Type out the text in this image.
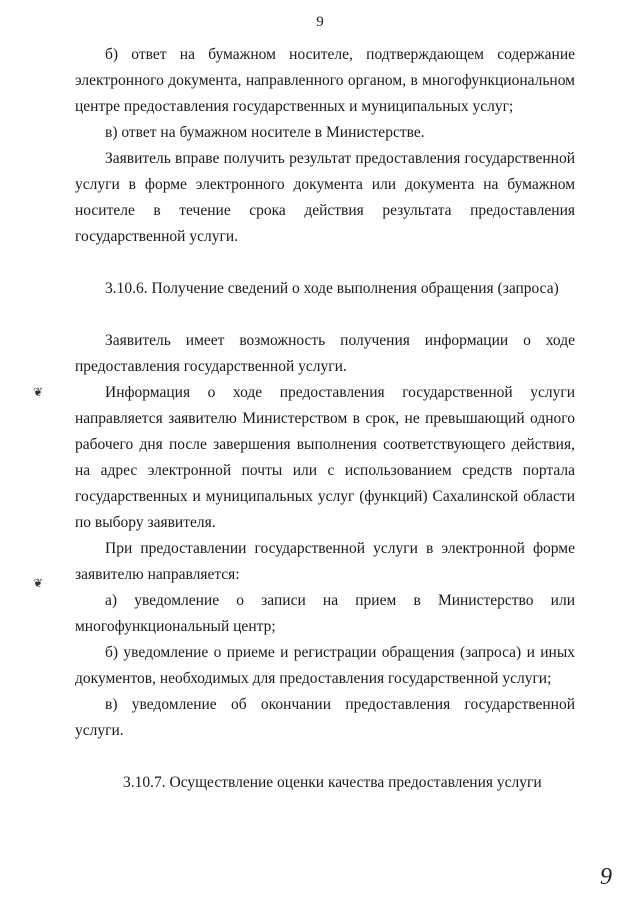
9

б) ответ на бумажном носителе, подтверждающем содержание электронного документа, направленного органом, в многофункциональном центре предоставления государственных и муниципальных услуг;

в) ответ на бумажном носителе в Министерстве.

Заявитель вправе получить результат предоставления государственной услуги в форме электронного документа или документа на бумажном носителе в течение срока действия результата предоставления государственной услуги.

3.10.6. Получение сведений о ходе выполнения обращения (запроса)

Заявитель имеет возможность получения информации о ходе предоставления государственной услуги.

Информация о ходе предоставления государственной услуги направляется заявителю Министерством в срок, не превышающий одного рабочего дня после завершения выполнения соответствующего действия, на адрес электронной почты или с использованием средств портала государственных и муниципальных услуг (функций) Сахалинской области по выбору заявителя.

При предоставлении государственной услуги в электронной форме заявителю направляется:

а) уведомление о записи на прием в Министерство или многофункциональный центр;

б) уведомление о приеме и регистрации обращения (запроса) и иных документов, необходимых для предоставления государственной услуги;

в) уведомление об окончании предоставления государственной услуги.

3.10.7. Осуществление оценки качества предоставления услуги

❦
❦
9
